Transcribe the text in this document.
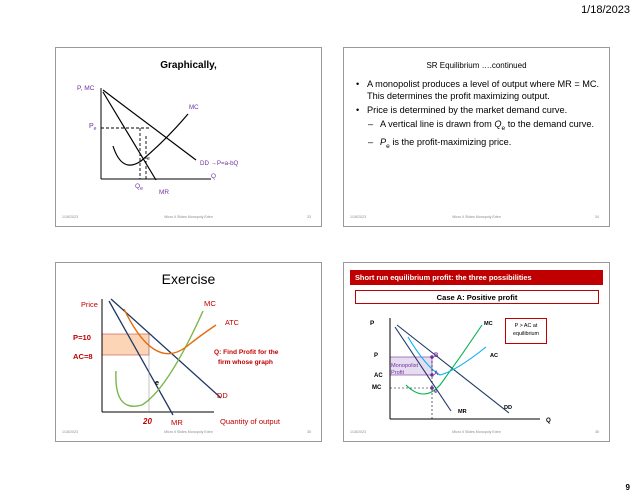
1/18/2023
Graphically,
P, MC
$P_e$
MC
e
DD →P=a-bQ
Q
$Q_e$	MR
1/18/2023	Micro II Slides Monopoly Eden	33
SR Equilibrium ….continued
• A monopolist produces a level of output where MR = MC. This determines the profit maximizing output.
• Price is determined by the market demand curve.
– A vertical line is drawn from $Q_e$ to the demand curve.
– $P_e$ is the profit-maximizing price.
1/18/2023	Micro II Slides Monopoly Eden	34
Exercise
Price
P=10
AC=8
MC
ATC
Q: Find Profit for the
firm whose graph
e
DD
20	MR	Quantity of output
1/18/2023	Micro II Slides Monopoly Eden	35
Short run equilibrium profit: the three possibilities
Case A: Positive profit
P > AC at
equilibrium
P
P
AC
MC
Monopolist
Profit
B
A
e
MC
AC
MR
DD
Q
1/18/2023	Micro II Slides Monopoly Eden	36
9
